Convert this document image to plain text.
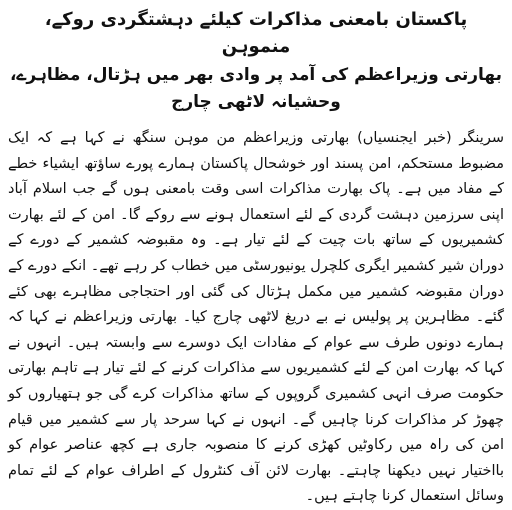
پاکستان بامعنی مذاکرات کیلئے دہشتگردی روکے، منموہن
بھارتی وزیراعظم کی آمد پر وادی بھر میں ہڑتال، مظاہرے، وحشیانہ لاٹھی چارج

سرینگر (خبر ایجنسیاں) بھارتی وزیراعظم من موہن سنگھ نے کہا ہے کہ ایک مضبوط مستحکم، امن پسند اور خوشحال پاکستان ہمارے پورے ساؤتھ ایشیاء خطے کے مفاد میں ہے۔ پاک بھارت مذاکرات اسی وقت بامعنی ہوں گے جب اسلام آباد اپنی سرزمین دہشت گردی کے لئے استعمال ہونے سے روکے گا۔ امن کے لئے بھارت کشمیریوں کے ساتھ بات چیت کے لئے تیار ہے۔ وہ مقبوضہ کشمیر کے دورے کے دوران شیر کشمیر ایگری کلچرل یونیورسٹی میں خطاب کر رہے تھے۔ انکے دورے کے دوران مقبوضہ کشمیر میں مکمل ہڑتال کی گئی اور احتجاجی مظاہرے بھی کئے گئے۔ مظاہرین پر پولیس نے بے دریغ لاٹھی چارج کیا۔ بھارتی وزیراعظم نے کہا کہ ہمارے دونوں طرف سے عوام کے مفادات ایک دوسرے سے وابستہ ہیں۔ انہوں نے کہا کہ بھارت امن کے لئے کشمیریوں سے مذاکرات کرنے کے لئے تیار ہے تاہم بھارتی حکومت صرف انہی کشمیری گروپوں کے ساتھ مذاکرات کرے گی جو ہتھیاروں کو چھوڑ کر مذاکرات کرنا چاہیں گے۔ انہوں نے کہا سرحد پار سے کشمیر میں قیام امن کی راہ میں رکاوٹیں کھڑی کرنے کا منصوبہ جاری ہے کچھ عناصر عوام کو بااختیار نہیں دیکھنا چاہتے۔ بھارت لائن آف کنٹرول کے اطراف عوام کے لئے تمام وسائل استعمال کرنا چاہتے ہیں۔
